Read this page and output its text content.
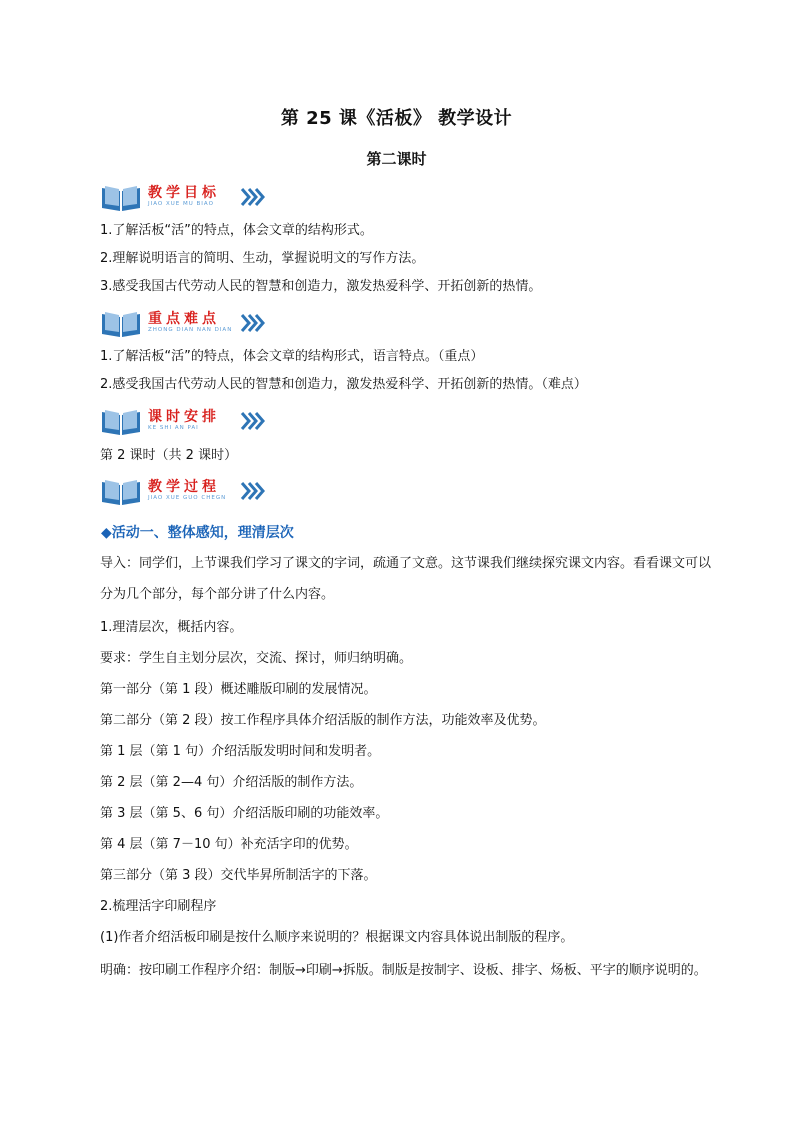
第 25 课《活板》 教学设计
第二课时
教学目标
JIAO XUE MU BIAO
1.了解活板“活”的特点，体会文章的结构形式。
2.理解说明语言的简明、生动，掌握说明文的写作方法。
3.感受我国古代劳动人民的智慧和创造力，激发热爱科学、开拓创新的热情。
重点难点
ZHONG DIAN NAN DIAN
1.了解活板“活”的特点，体会文章的结构形式，语言特点。（重点）
2.感受我国古代劳动人民的智慧和创造力，激发热爱科学、开拓创新的热情。（难点）
课时安排
KE SHI AN PAI
第 2 课时（共 2 课时）
教学过程
JIAO XUE GUO CHEGN
◆活动一、整体感知，理清层次
导入：同学们，上节课我们学习了课文的字词，疏通了文意。这节课我们继续探究课文内容。看看课文可以分为几个部分，每个部分讲了什么内容。
1.理清层次，概括内容。
要求：学生自主划分层次，交流、探讨，师归纳明确。
第一部分（第 1 段）概述雕版印刷的发展情况。
第二部分（第 2 段）按工作程序具体介绍活版的制作方法，功能效率及优势。
第 1 层（第 1 句）介绍活版发明时间和发明者。
第 2 层（第 2—4 句）介绍活版的制作方法。
第 3 层（第 5、6 句）介绍活版印刷的功能效率。
第 4 层（第 7－10 句）补充活字印的优势。
第三部分（第 3 段）交代毕昇所制活字的下落。
2.梳理活字印刷程序
(1)作者介绍活板印刷是按什么顺序来说明的？根据课文内容具体说出制版的程序。
明确：按印刷工作程序介绍：制版→印刷→拆版。制版是按制字、设板、排字、炀板、平字的顺序说明的。
